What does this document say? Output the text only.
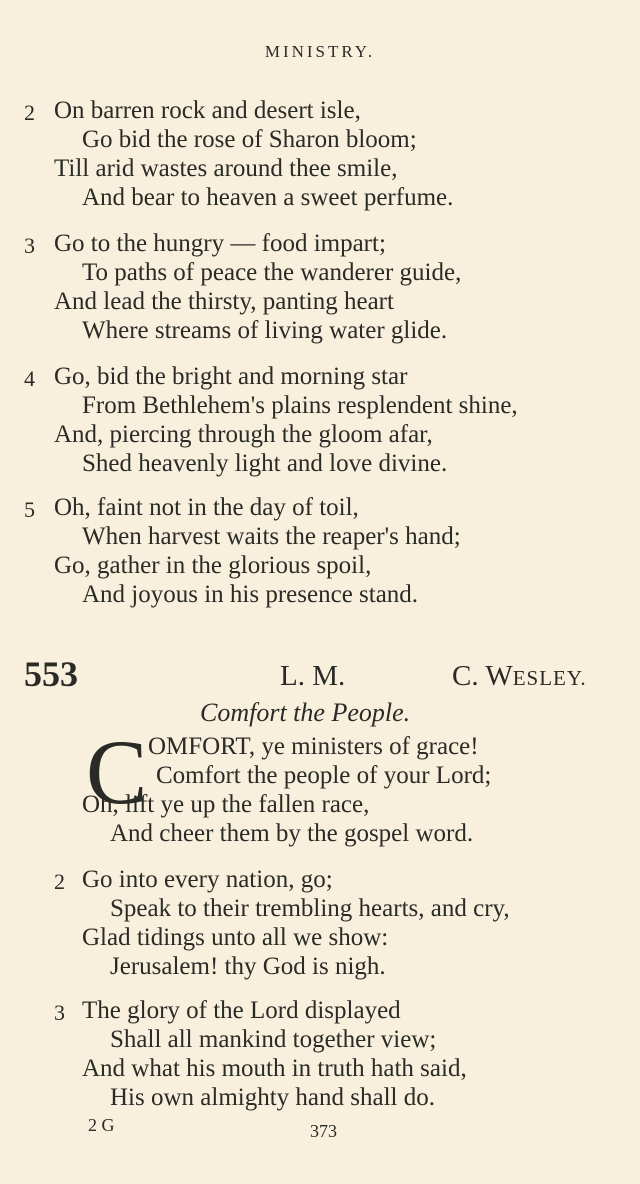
MINISTRY.
2 On barren rock and desert isle,
Go bid the rose of Sharon bloom;
Till arid wastes around thee smile,
And bear to heaven a sweet perfume.
3 Go to the hungry — food impart;
To paths of peace the wanderer guide,
And lead the thirsty, panting heart
Where streams of living water glide.
4 Go, bid the bright and morning star
From Bethlehem's plains resplendent shine,
And, piercing through the gloom afar,
Shed heavenly light and love divine.
5 Oh, faint not in the day of toil,
When harvest waits the reaper's hand;
Go, gather in the glorious spoil,
And joyous in his presence stand.
553	L. M.	C. WESLEY.
Comfort the People.
C OMFORT, ye ministers of grace!
Comfort the people of your Lord;
Oh, lift ye up the fallen race,
And cheer them by the gospel word.
2 Go into every nation, go;
Speak to their trembling hearts, and cry,
Glad tidings unto all we show:
Jerusalem! thy God is nigh.
3 The glory of the Lord displayed
Shall all mankind together view;
And what his mouth in truth hath said,
His own almighty hand shall do.
2 G	373
